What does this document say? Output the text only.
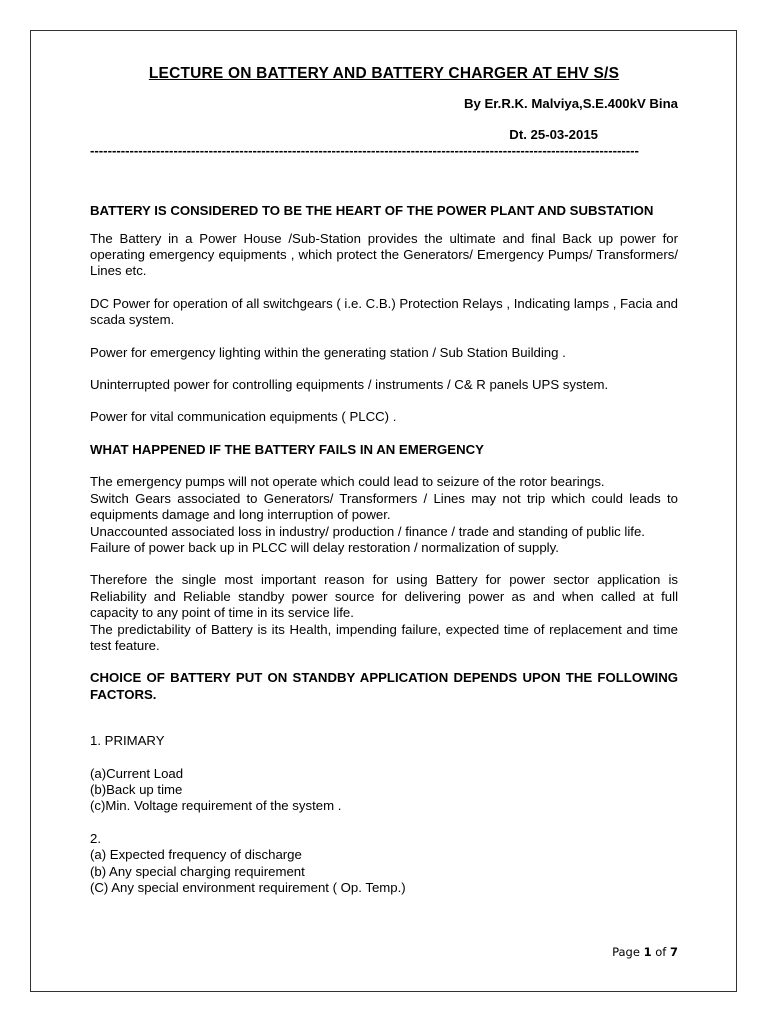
LECTURE ON BATTERY AND BATTERY CHARGER AT EHV S/S

By Er.R.K. Malviya,S.E.400kV Bina

Dt. 25-03-2015

-----------------------------------------------------------------------------------------------------------------------------

BATTERY IS CONSIDERED TO BE THE HEART OF THE POWER PLANT AND SUBSTATION

The Battery in a Power House /Sub-Station provides the ultimate and final Back up power for operating emergency equipments , which protect the Generators/ Emergency Pumps/ Transformers/ Lines etc.

DC Power for operation of all switchgears ( i.e. C.B.) Protection Relays , Indicating lamps , Facia and scada system.

Power for emergency lighting within the generating station / Sub Station Building .

Uninterrupted power for controlling equipments / instruments / C& R panels UPS system.

Power for vital communication equipments ( PLCC) .

WHAT HAPPENED IF THE BATTERY FAILS IN AN EMERGENCY

The emergency pumps will not operate which could lead to seizure of the rotor bearings.

Switch Gears associated to Generators/ Transformers / Lines may not trip which could leads to equipments damage and long interruption of power.

Unaccounted associated loss in industry/ production / finance / trade and standing of public life.

Failure of power back up in PLCC will delay restoration / normalization of supply.

Therefore the single most important reason for using Battery for power sector application is Reliability and Reliable standby power source for delivering power as and when called at full capacity to any point of time in its service life.

The predictability of Battery is its Health, impending failure, expected time of replacement and time test feature.

CHOICE OF BATTERY PUT ON STANDBY APPLICATION DEPENDS UPON THE FOLLOWING FACTORS.

1. PRIMARY

(a)Current Load

(b)Back up time

(c)Min. Voltage requirement of the system .

2.

(a) Expected frequency of discharge

(b) Any special charging requirement

(C) Any special environment requirement ( Op. Temp.)

Page 1 of 7
